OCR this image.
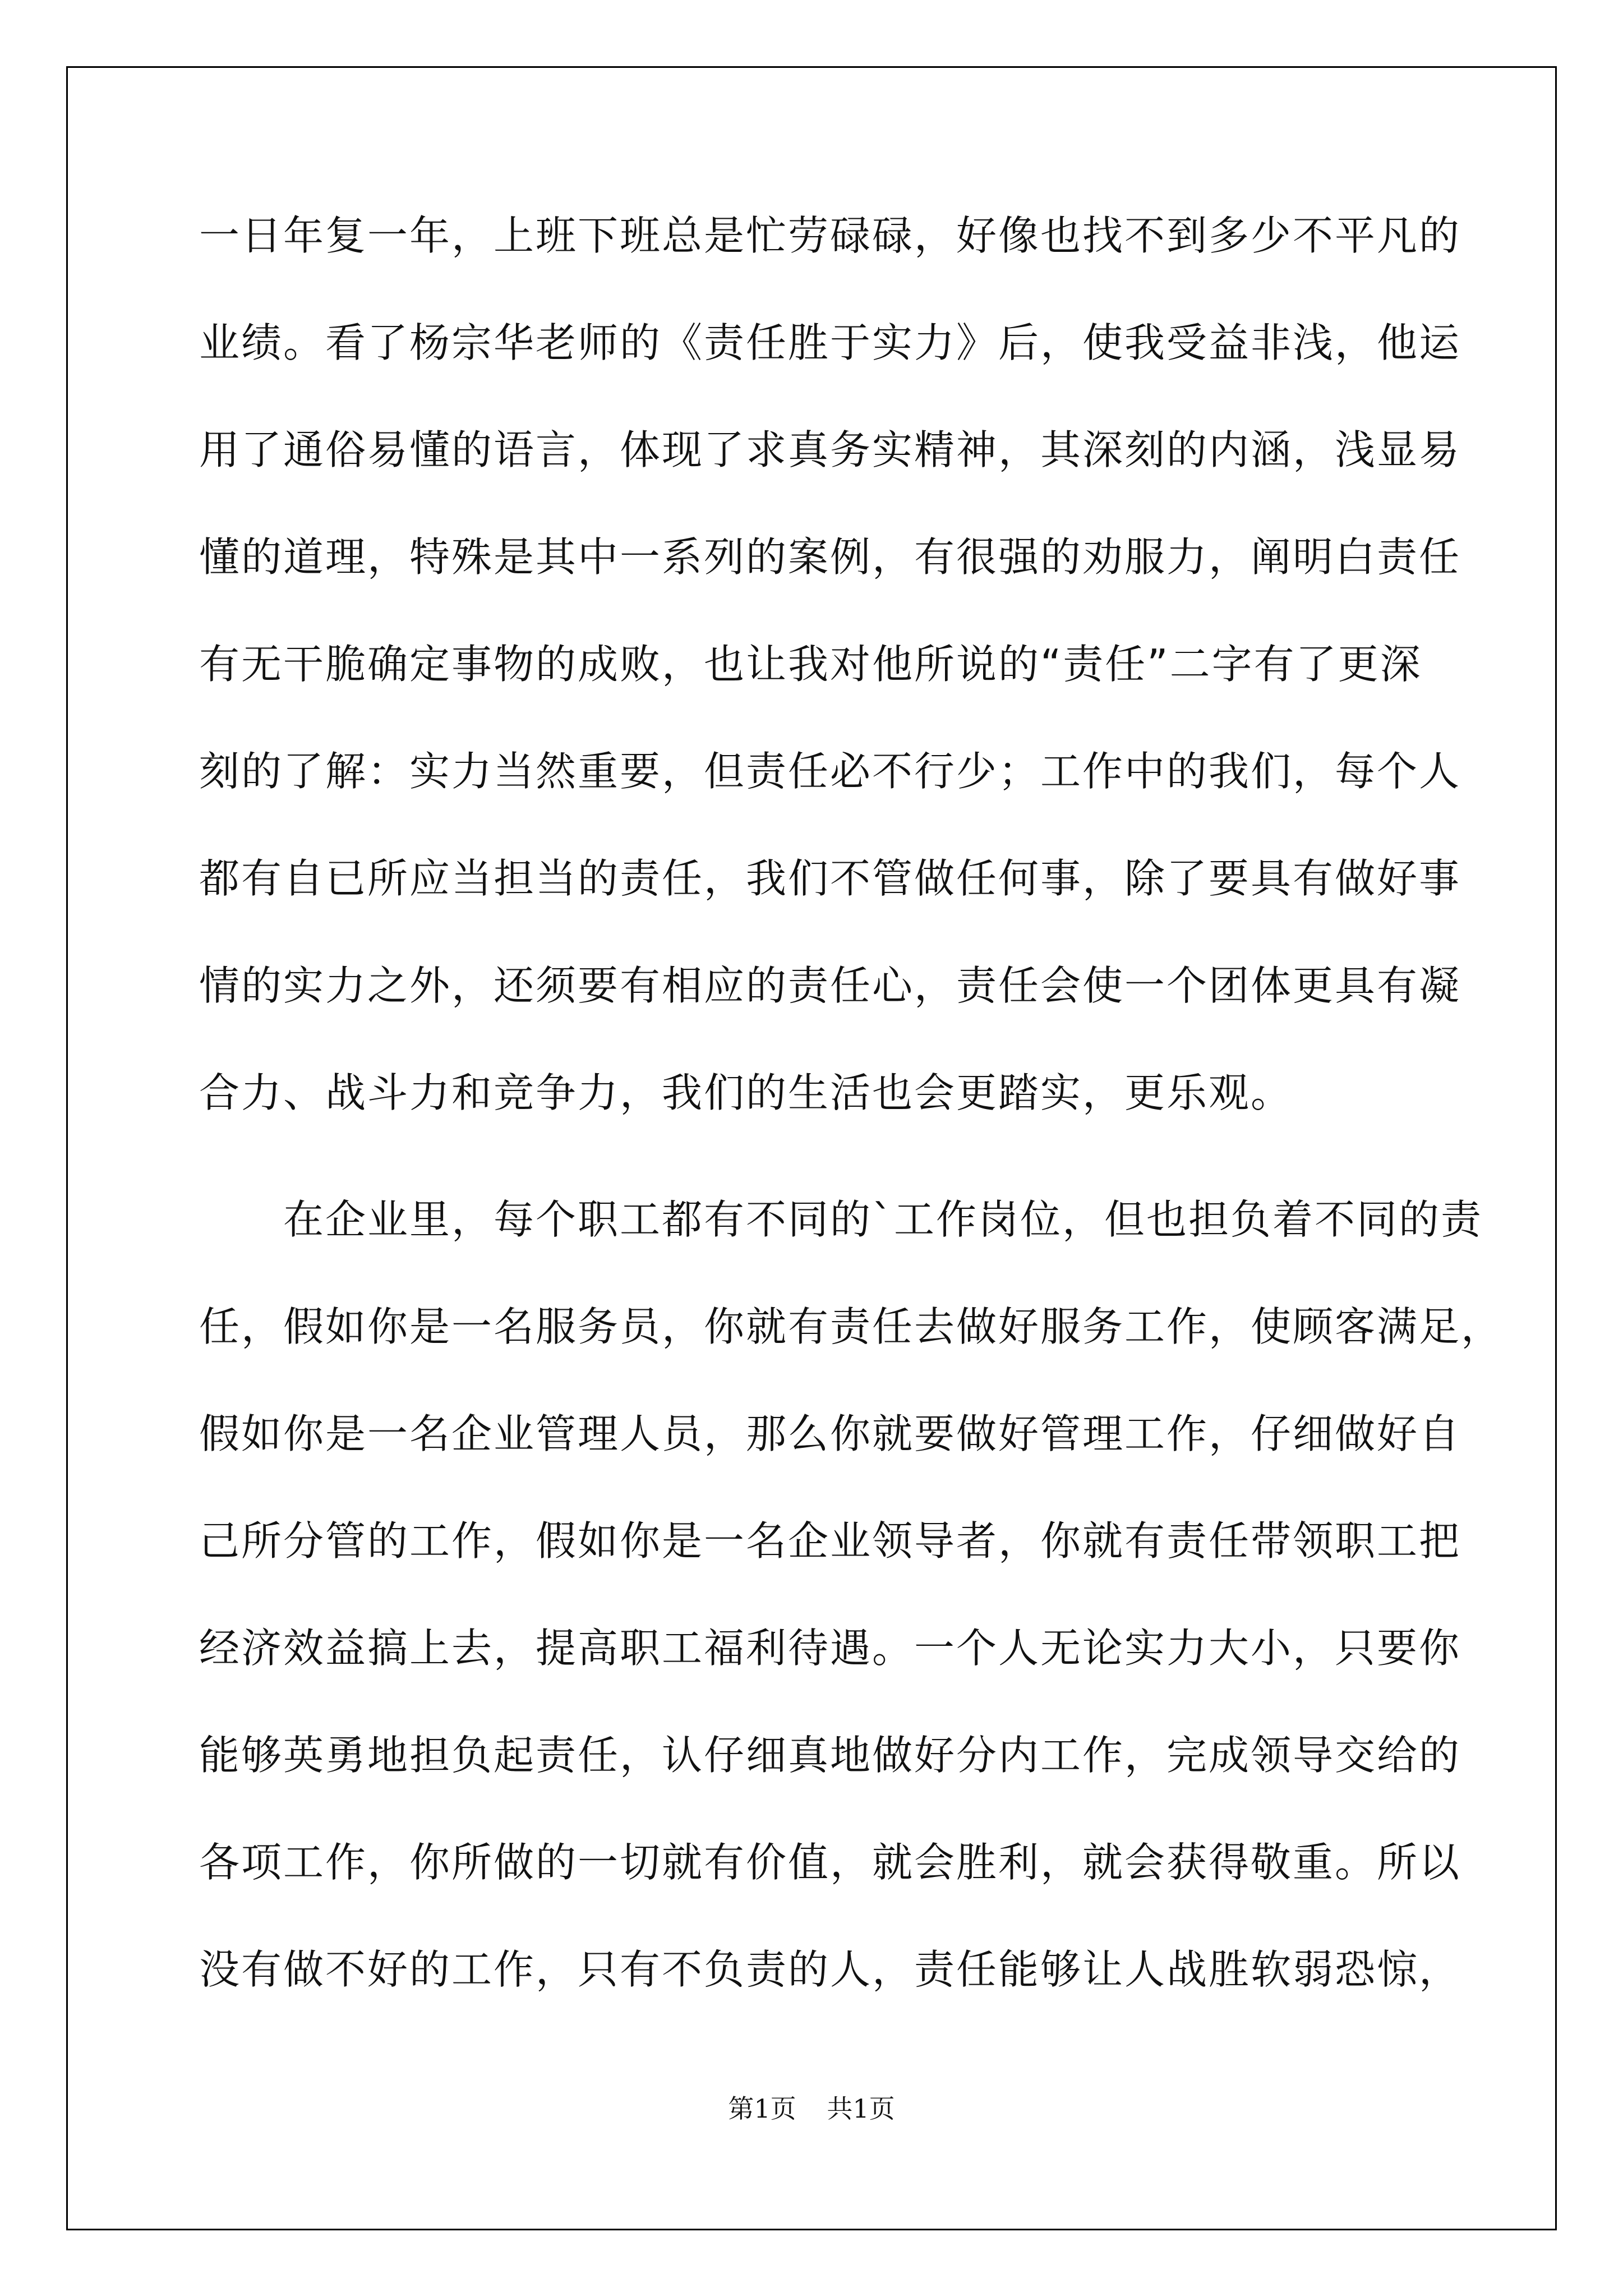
一日年复一年，上班下班总是忙劳碌碌，好像也找不到多少不平凡的
业绩。看了杨宗华老师的《责任胜于实力》后，使我受益非浅，他运
用了通俗易懂的语言，体现了求真务实精神，其深刻的内涵，浅显易
懂的道理，特殊是其中一系列的案例，有很强的劝服力，阐明白责任
有无干脆确定事物的成败，也让我对他所说的“责任”二字有了更深
刻的了解：实力当然重要，但责任必不行少；工作中的我们，每个人
都有自已所应当担当的责任，我们不管做任何事，除了要具有做好事
情的实力之外，还须要有相应的责任心，责任会使一个团体更具有凝
合力、战斗力和竞争力，我们的生活也会更踏实，更乐观。
　　在企业里，每个职工都有不同的`工作岗位，但也担负着不同的责
任，假如你是一名服务员，你就有责任去做好服务工作，使顾客满足，
假如你是一名企业管理人员，那么你就要做好管理工作，仔细做好自
己所分管的工作，假如你是一名企业领导者，你就有责任带领职工把
经济效益搞上去，提高职工福利待遇。一个人无论实力大小，只要你
能够英勇地担负起责任，认仔细真地做好分内工作，完成领导交给的
各项工作，你所做的一切就有价值，就会胜利，就会获得敬重。所以
没有做不好的工作，只有不负责的人，责任能够让人战胜软弱恐惊，
第1页 共1页
